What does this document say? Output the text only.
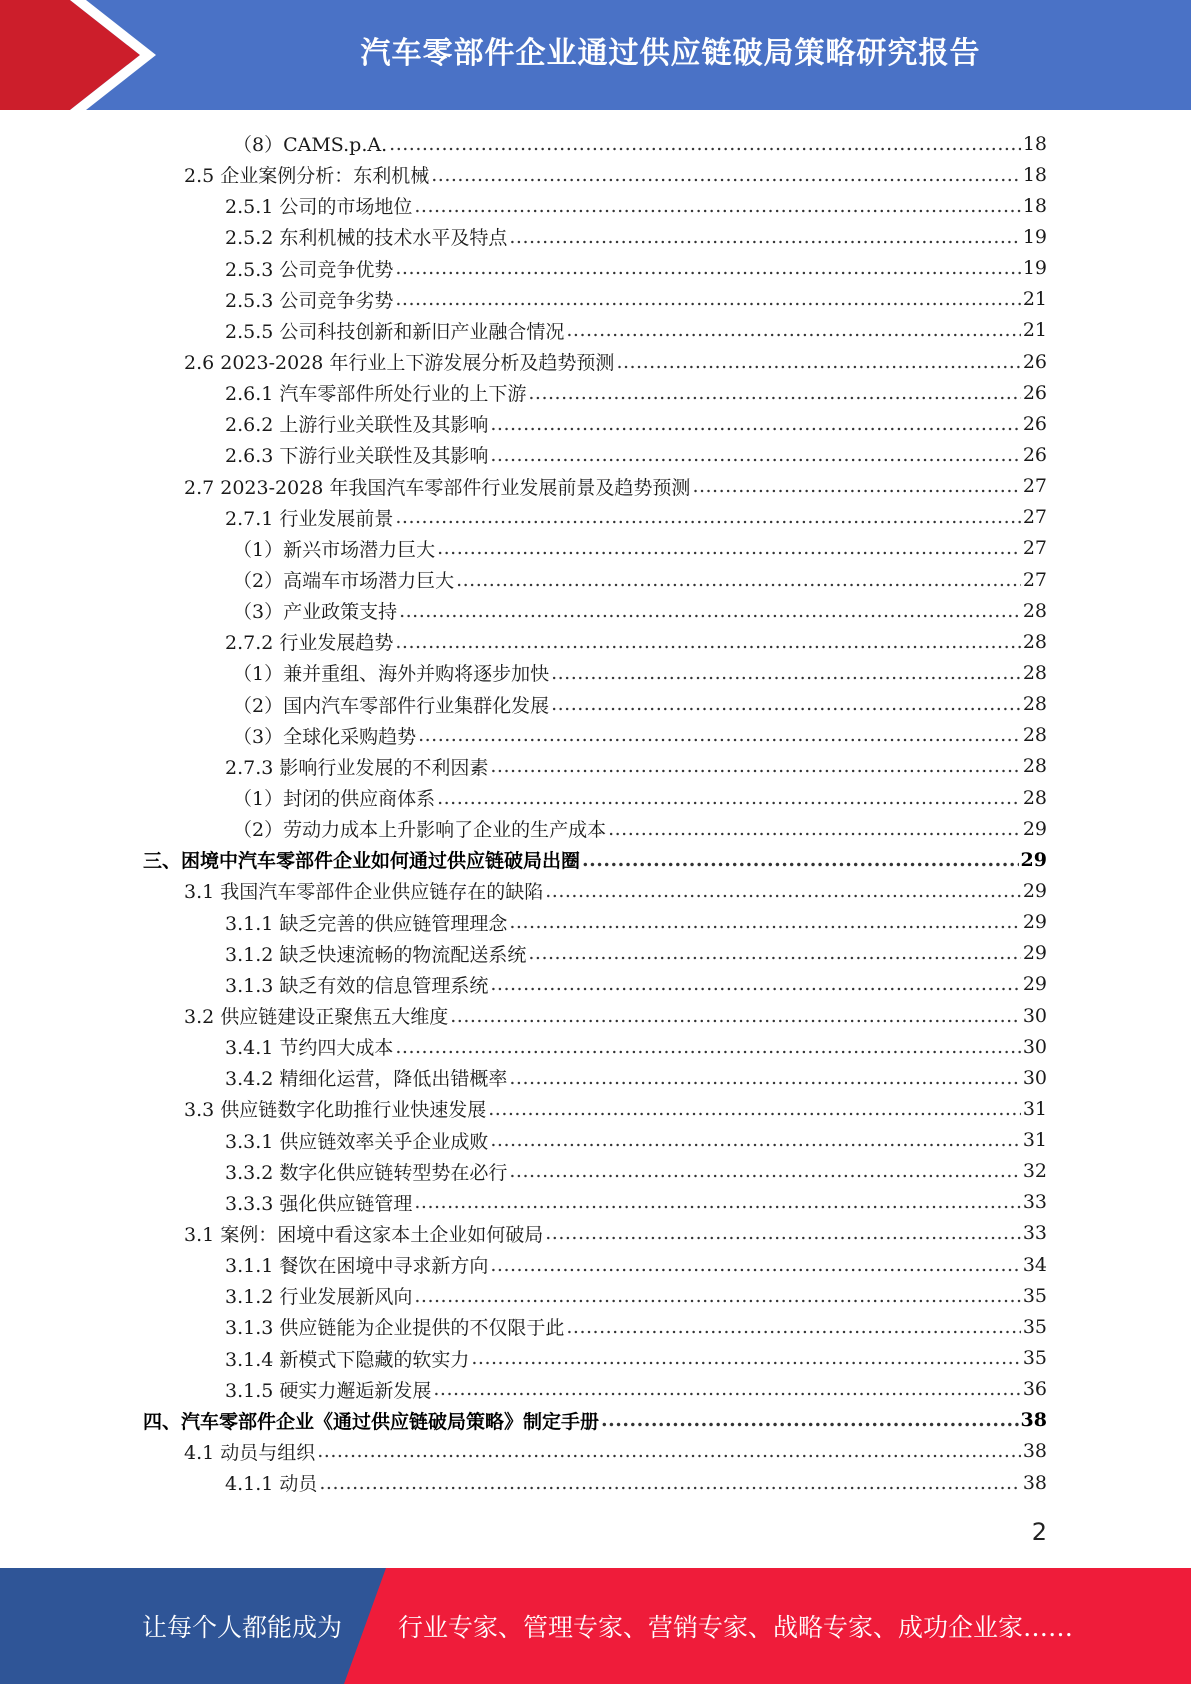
汽车零部件企业通过供应链破局策略研究报告
（8）CAMS.p.A. .....	18
2.5 企业案例分析：东利机械 .....	18
2.5.1 公司的市场地位 .....	18
2.5.2 东利机械的技术水平及特点 .....	19
2.5.3 公司竞争优势 .....	19
2.5.3 公司竞争劣势 .....	21
2.5.5 公司科技创新和新旧产业融合情况 .....	21
2.6 2023-2028 年行业上下游发展分析及趋势预测 .....	26
2.6.1 汽车零部件所处行业的上下游 .....	26
2.6.2 上游行业关联性及其影响 .....	26
2.6.3 下游行业关联性及其影响 .....	26
2.7 2023-2028 年我国汽车零部件行业发展前景及趋势预测 .....	27
2.7.1 行业发展前景 .....	27
（1）新兴市场潜力巨大 .....	27
（2）高端车市场潜力巨大 .....	27
（3）产业政策支持 .....	28
2.7.2 行业发展趋势 .....	28
（1）兼并重组、海外并购将逐步加快 .....	28
（2）国内汽车零部件行业集群化发展 .....	28
（3）全球化采购趋势 .....	28
2.7.3 影响行业发展的不利因素 .....	28
（1）封闭的供应商体系 .....	28
（2）劳动力成本上升影响了企业的生产成本 .....	29
三、困境中汽车零部件企业如何通过供应链破局出圈 .....	29
3.1 我国汽车零部件企业供应链存在的缺陷 .....	29
3.1.1 缺乏完善的供应链管理理念 .....	29
3.1.2 缺乏快速流畅的物流配送系统 .....	29
3.1.3 缺乏有效的信息管理系统 .....	29
3.2 供应链建设正聚焦五大维度 .....	30
3.4.1 节约四大成本 .....	30
3.4.2 精细化运营，降低出错概率 .....	30
3.3 供应链数字化助推行业快速发展 .....	31
3.3.1 供应链效率关乎企业成败 .....	31
3.3.2 数字化供应链转型势在必行 .....	32
3.3.3 强化供应链管理 .....	33
3.1 案例：困境中看这家本土企业如何破局 .....	33
3.1.1 餐饮在困境中寻求新方向 .....	34
3.1.2 行业发展新风向 .....	35
3.1.3 供应链能为企业提供的不仅限于此 .....	35
3.1.4 新模式下隐藏的软实力 .....	35
3.1.5 硬实力邂逅新发展 .....	36
四、汽车零部件企业《通过供应链破局策略》制定手册 .....	38
4.1 动员与组织 .....	38
4.1.1 动员 .....	38
2
让每个人都能成为 行业专家、管理专家、营销专家、战略专家、成功企业家……
